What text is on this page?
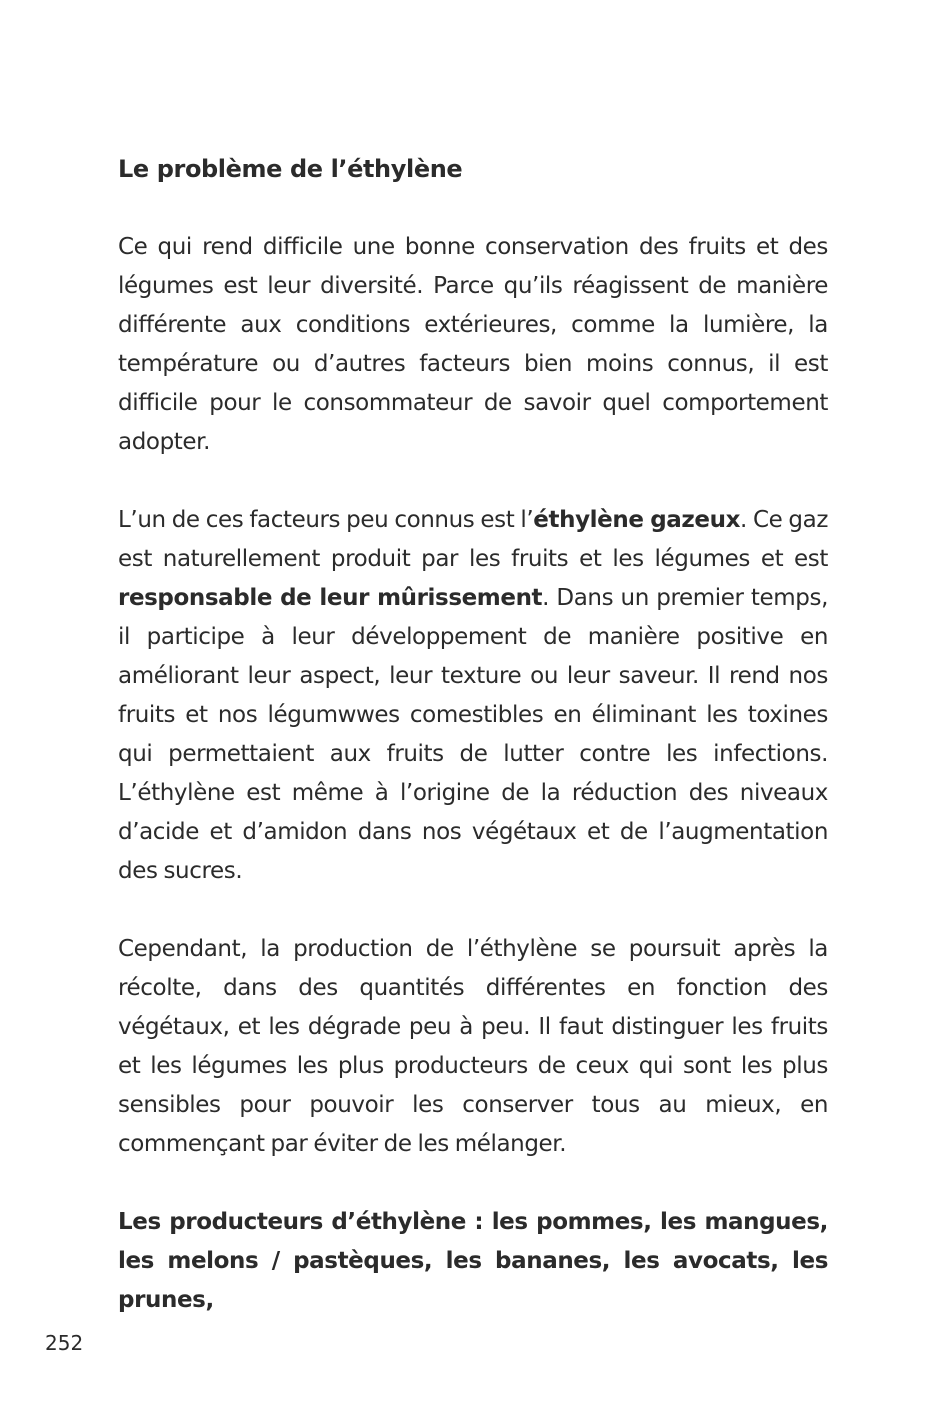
Le problème de l’éthylène

Ce qui rend difficile une bonne conservation des fruits et des légumes est leur diversité. Parce qu’ils réagissent de manière différente aux conditions extérieures, comme la lumière, la température ou d’autres facteurs bien moins connus, il est difficile pour le consommateur de savoir quel comportement adopter.

L’un de ces facteurs peu connus est l’éthylène gazeux. Ce gaz est naturellement produit par les fruits et les légumes et est responsable de leur mûrissement. Dans un premier temps, il participe à leur développement de manière positive en améliorant leur aspect, leur texture ou leur saveur. Il rend nos fruits et nos légumwwes comestibles en éliminant les toxines qui permettaient aux fruits de lutter contre les infections. L’éthylène est même à l’origine de la réduction des niveaux d’acide et d’amidon dans nos végétaux et de l’augmentation des sucres.

Cependant, la production de l’éthylène se poursuit après la récolte, dans des quantités différentes en fonction des végétaux, et les dégrade peu à peu. Il faut distinguer les fruits et les légumes les plus producteurs de ceux qui sont les plus sensibles pour pouvoir les conserver tous au mieux, en commençant par éviter de les mélanger.

Les producteurs d’éthylène : les pommes, les mangues, les melons / pastèques, les bananes, les avocats, les prunes,

252
